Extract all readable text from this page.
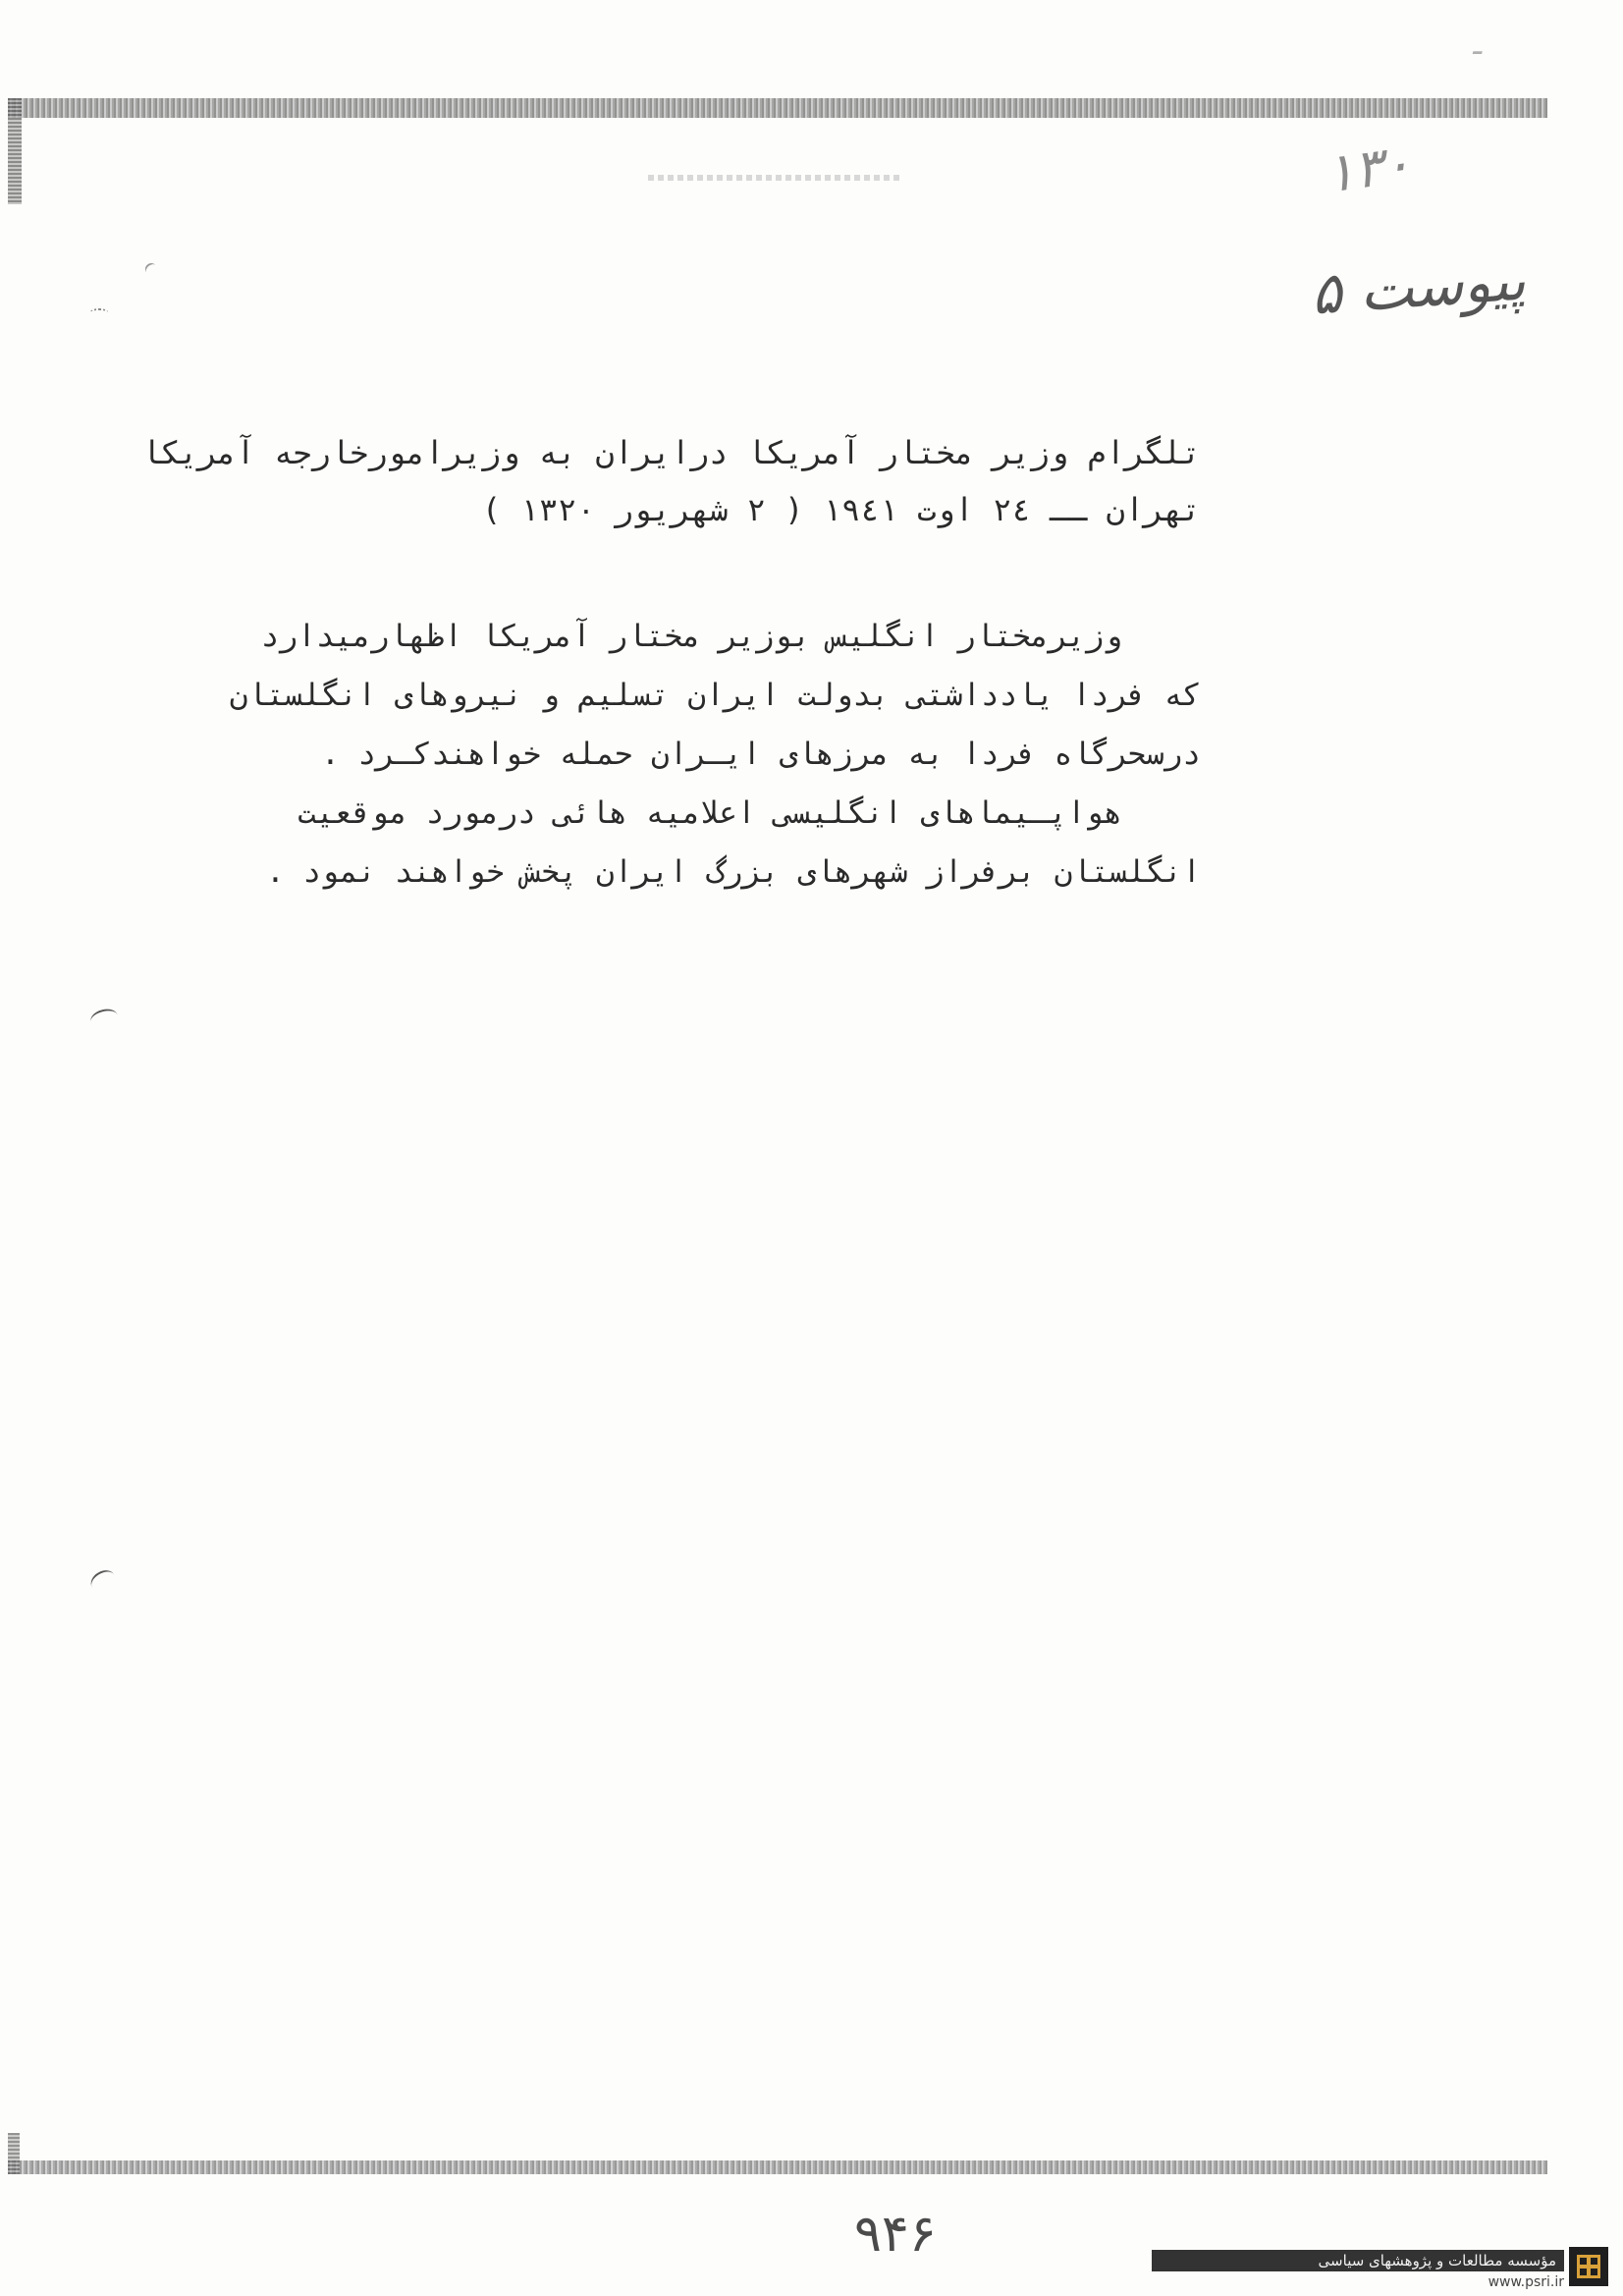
ـ
۱۳۰
پیوست ۵
تلگرام وزیر مختار آمریکا درایران به وزیرامورخارجه آمریکا
تهران ــ ٢٤ اوت ١٩٤١ ( ٢ شهریور ١٣٢٠ )

وزیرمختار انگلیس بوزیر مختار آمریکا اظهارمیدارد که فردا یادداشتی بدولت ایران تسلیم و نیروهای انگلستان درسحرگاه فردا به مرزهای ایـران حمله خواهندکـرد .

هواپـیماهای انگلیسی اعلامیه هائی درمورد موقعیت انگلستان برفراز شهرهای بزرگ ایران پخش خواهند نمود .

۹۴۶	مؤسسه مطالعات و پژوهشهای سیاسی
www.psri.ir
